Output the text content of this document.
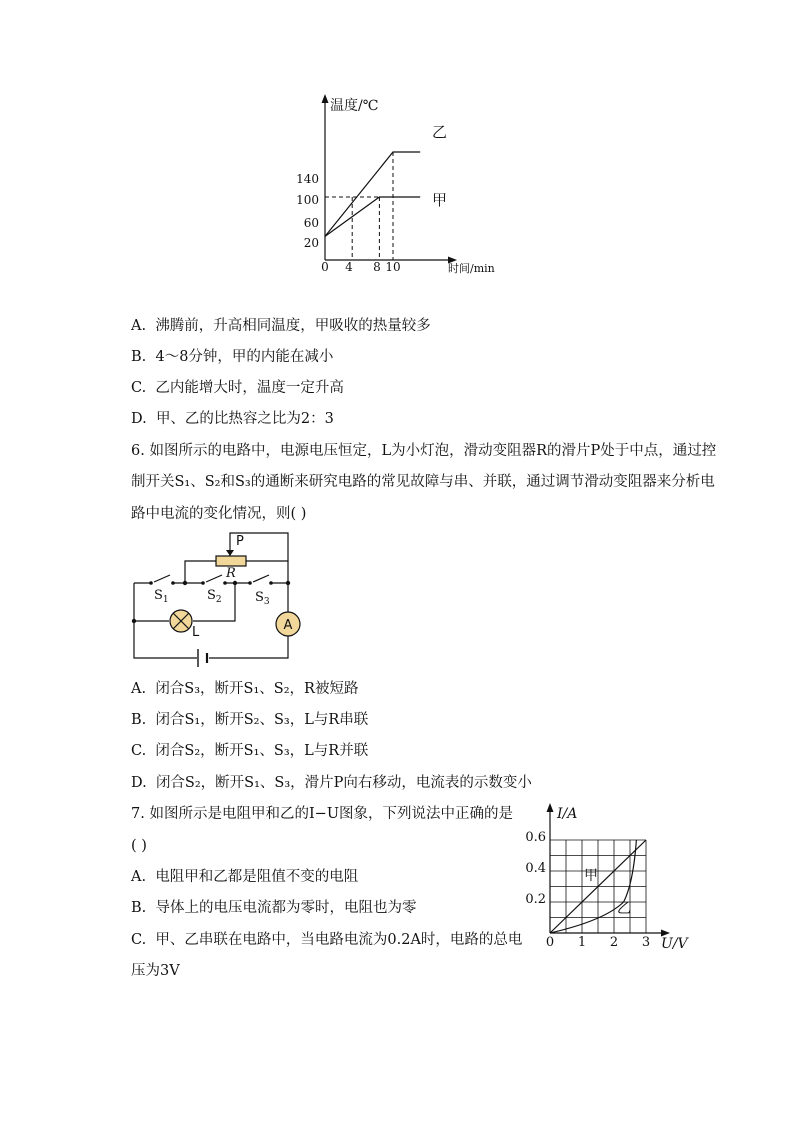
温度/℃
时间/min
140
100
60
20
0 4 8 10
乙
甲
A. 沸腾前，升高相同温度，甲吸收的热量较多
B. 4～8分钟，甲的内能在减小
C. 乙内能增大时，温度一定升高
D. 甲、乙的比热容之比为2：3
6. 如图所示的电路中，电源电压恒定，L为小灯泡，滑动变阻器R的滑片P处于中点，通过控
制开关S₁、S₂和S₃的通断来研究电路的常见故障与串、并联，通过调节滑动变阻器来分析电
路中电流的变化情况，则( )
A
P
R
$S_1$	$S_2$	$S_3$
L
A. 闭合S₃，断开S₁、S₂，R被短路
B. 闭合S₁，断开S₂、S₃，L与R串联
C. 闭合S₂，断开S₁、S₃，L与R并联
D. 闭合S₂，断开S₁、S₃，滑片P向右移动，电流表的示数变小
7. 如图所示是电阻甲和乙的I−U图象，下列说法中正确的是
( )
A. 电阻甲和乙都是阻值不变的电阻
B. 导体上的电压电流都为零时，电阻也为零
C. 甲、乙串联在电路中，当电路电流为0.2A时，电路的总电
压为3V
I/A
U/V
0 1 2 3
0.6
0.4
0.2
甲
乙
